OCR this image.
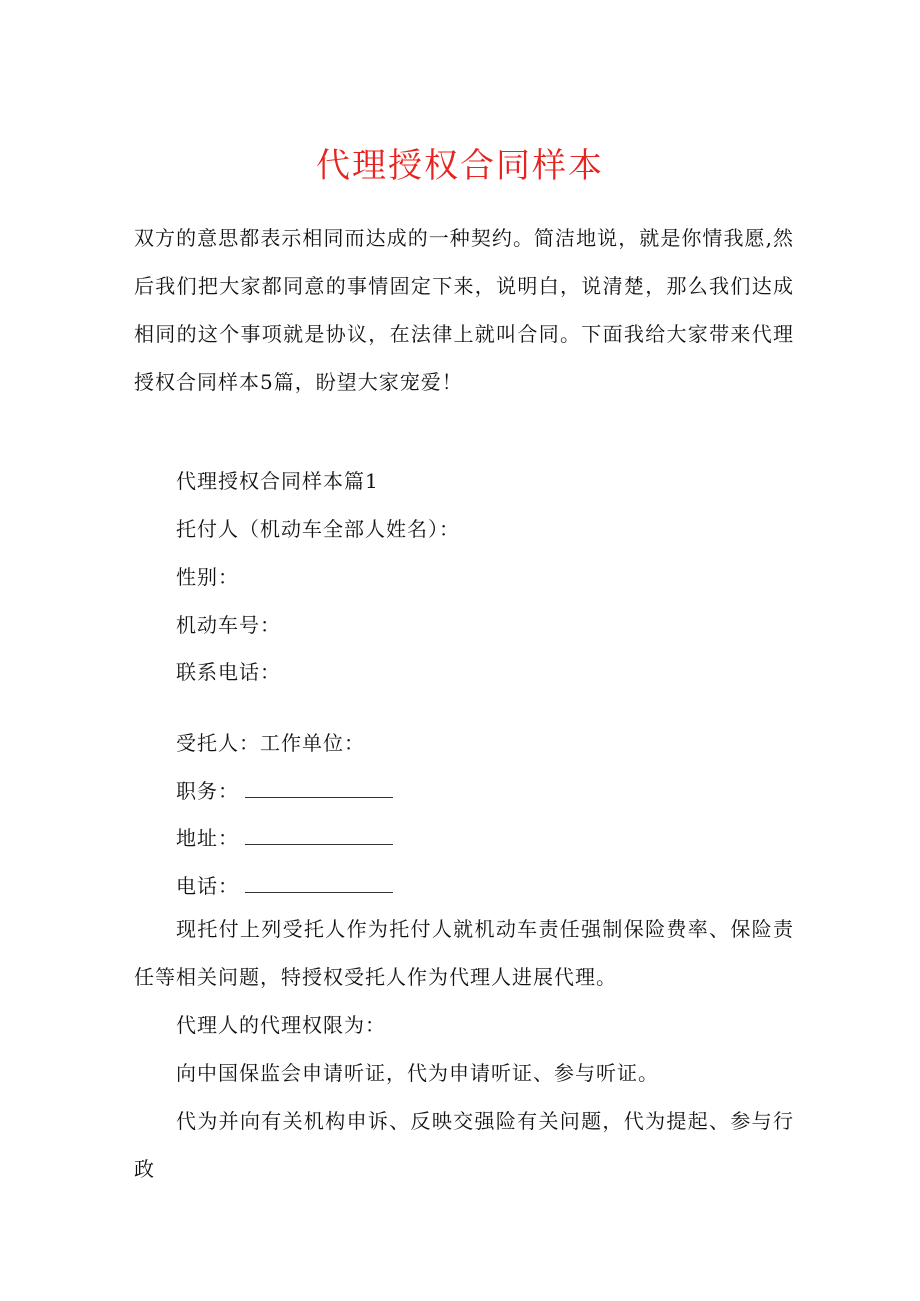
代理授权合同样本
双方的意思都表示相同而达成的一种契约。简洁地说，就是你情我愿,然后我们把大家都同意的事情固定下来，说明白，说清楚，那么我们达成相同的这个事项就是协议，在法律上就叫合同。下面我给大家带来代理授权合同样本5篇，盼望大家宠爱！
代理授权合同样本篇1
托付人（机动车全部人姓名）：
性别：
机动车号：
联系电话：
受托人：工作单位：
职务：
地址：
电话：
现托付上列受托人作为托付人就机动车责任强制保险费率、保险责任等相关问题，特授权受托人作为代理人进展代理。
代理人的代理权限为：
向中国保监会申请听证，代为申请听证、参与听证。
代为并向有关机构申诉、反映交强险有关问题，代为提起、参与行政
